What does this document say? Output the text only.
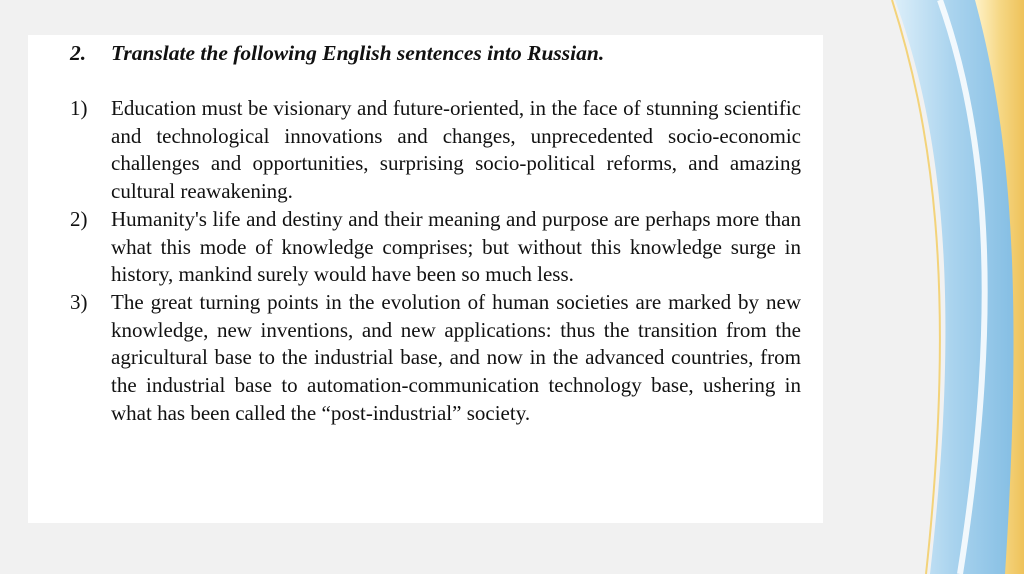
2. Translate the following English sentences into Russian.
1)	Education must be visionary and future-oriented, in the face of stunning scientific and technological innovations and changes, unprecedented socio-economic challenges and opportunities, surprising socio-political reforms, and amazing cultural reawakening.
2)	Humanity's life and destiny and their meaning and purpose are perhaps more than what this mode of knowledge comprises; but without this knowledge surge in history, mankind surely would have been so much less.
3)	The great turning points in the evolution of human societies are marked by new knowledge, new inventions, and new applications: thus the transition from the agricultural base to the industrial base, and now in the advanced countries, from the industrial base to automation-communication technology base, ushering in what has been called the “post-industrial” society.
